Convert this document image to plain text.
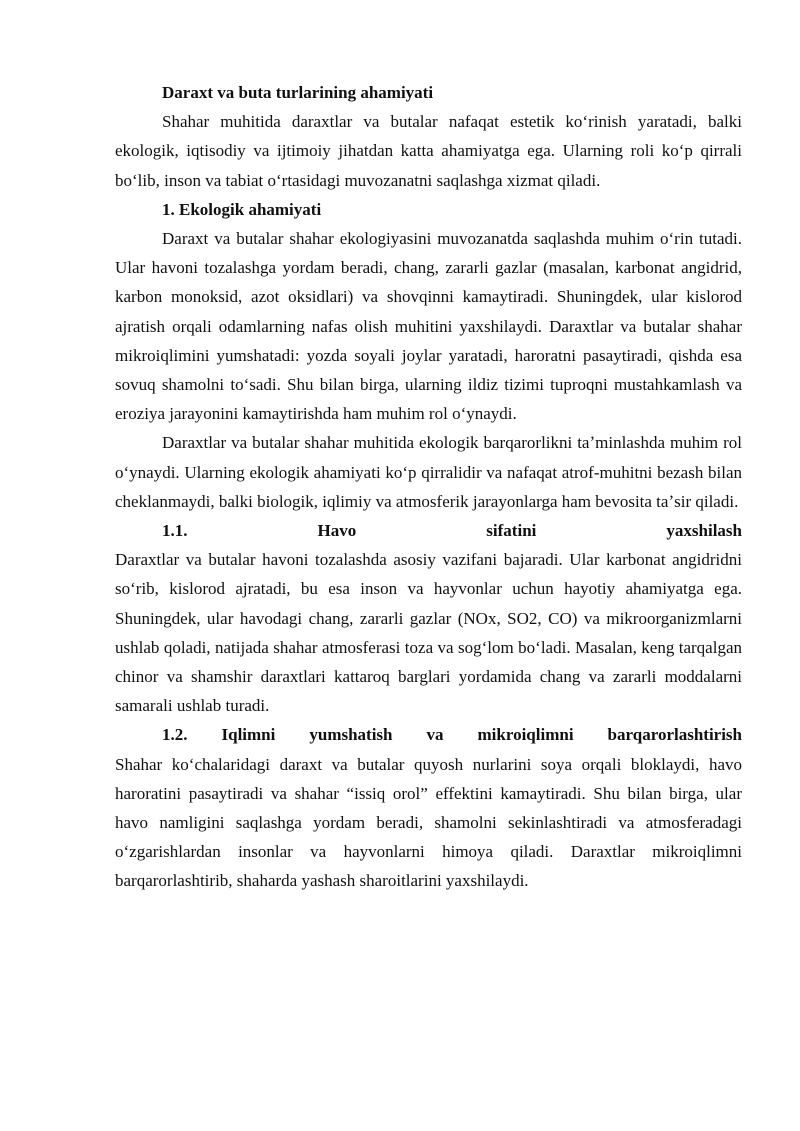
Daraxt va buta turlarining ahamiyati

Shahar muhitida daraxtlar va butalar nafaqat estetik koʻrinish yaratadi, balki ekologik, iqtisodiy va ijtimoiy jihatdan katta ahamiyatga ega. Ularning roli koʻp qirrali boʻlib, inson va tabiat oʻrtasidagi muvozanatni saqlashga xizmat qiladi.

1. Ekologik ahamiyati

Daraxt va butalar shahar ekologiyasini muvozanatda saqlashda muhim oʻrin tutadi. Ular havoni tozalashga yordam beradi, chang, zararli gazlar (masalan, karbonat angidrid, karbon monoksid, azot oksidlari) va shovqinni kamaytiradi. Shuningdek, ular kislorod ajratish orqali odamlarning nafas olish muhitini yaxshilaydi. Daraxtlar va butalar shahar mikroiqlimini yumshatadi: yozda soyali joylar yaratadi, haroratni pasaytiradi, qishda esa sovuq shamolni toʻsadi. Shu bilan birga, ularning ildiz tizimi tuproqni mustahkamlash va eroziya jarayonini kamaytirishda ham muhim rol oʻynaydi.

Daraxtlar va butalar shahar muhitida ekologik barqarorlikni taʼminlashda muhim rol oʻynaydi. Ularning ekologik ahamiyati koʻp qirralidir va nafaqat atrof-muhitni bezash bilan cheklanmaydi, balki biologik, iqlimiy va atmosferik jarayonlarga ham bevosita taʼsir qiladi.

1.1. Havo sifatini yaxshilash

Daraxtlar va butalar havoni tozalashda asosiy vazifani bajaradi. Ular karbonat angidridni soʻrib, kislorod ajratadi, bu esa inson va hayvonlar uchun hayotiy ahamiyatga ega. Shuningdek, ular havodagi chang, zararli gazlar (NOx, SO2, CO) va mikroorganizmlarni ushlab qoladi, natijada shahar atmosferasi toza va sogʻlom boʻladi. Masalan, keng tarqalgan chinor va shamshir daraxtlari kattaroq barglari yordamida chang va zararli moddalarni samarali ushlab turadi.

1.2. Iqlimni yumshatish va mikroiqlimni barqarorlashtirish

Shahar koʻchalaridagi daraxt va butalar quyosh nurlarini soya orqali bloklaydi, havo haroratini pasaytiradi va shahar “issiq orol” effektini kamaytiradi. Shu bilan birga, ular havo namligini saqlashga yordam beradi, shamolni sekinlashtiradi va atmosferadagi oʻzgarishlardan insonlar va hayvonlarni himoya qiladi. Daraxtlar mikroiqlimni barqarorlashtirib, shaharda yashash sharoitlarini yaxshilaydi.
